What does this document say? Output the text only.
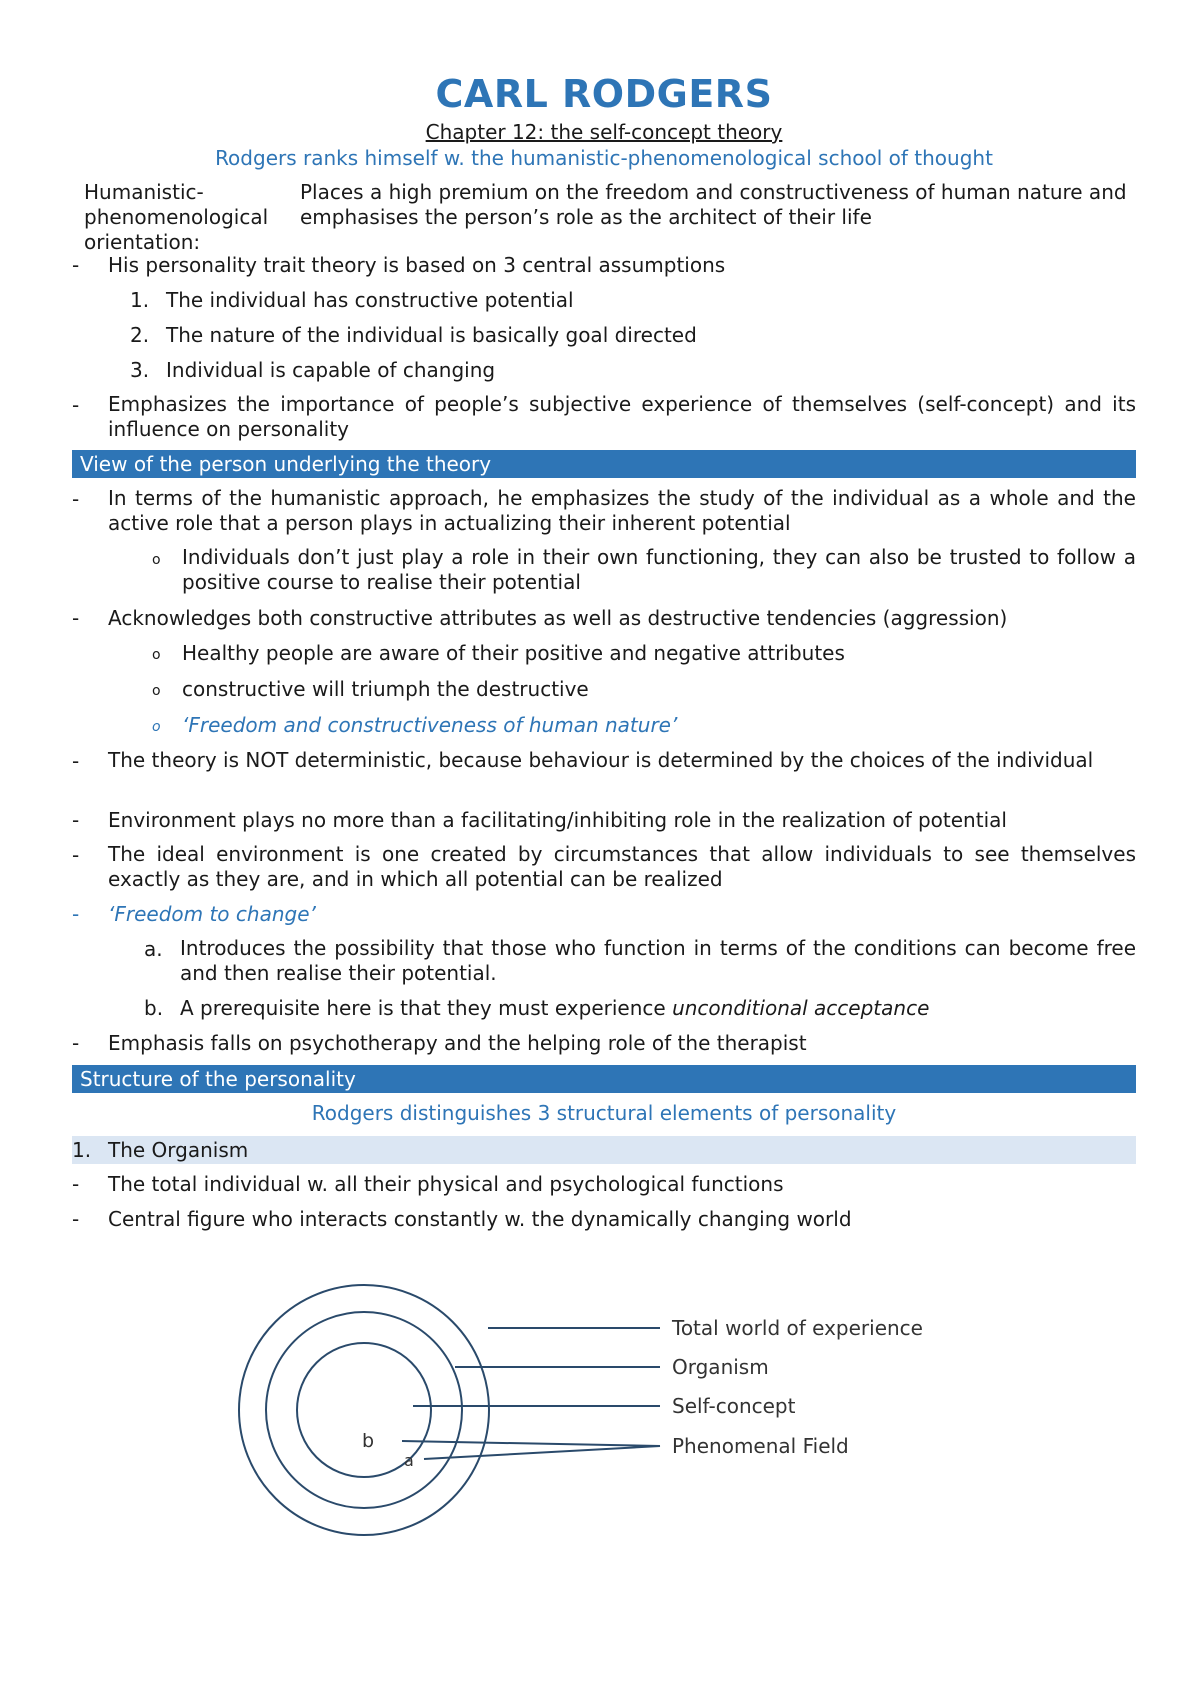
CARL RODGERS
Chapter 12: the self-concept theory
Rodgers ranks himself w. the humanistic-phenomenological school of thought
Humanistic-phenomenological orientation:
Places a high premium on the freedom and constructiveness of human nature and emphasises the person’s role as the architect of their life
- His personality trait theory is based on 3 central assumptions
1. The individual has constructive potential
2. The nature of the individual is basically goal directed
3. Individual is capable of changing
- Emphasizes the importance of people’s subjective experience of themselves (self-concept) and its influence on personality
View of the person underlying the theory
- In terms of the humanistic approach, he emphasizes the study of the individual as a whole and the active role that a person plays in actualizing their inherent potential
o Individuals don’t just play a role in their own functioning, they can also be trusted to follow a positive course to realise their potential
- Acknowledges both constructive attributes as well as destructive tendencies (aggression)
o Healthy people are aware of their positive and negative attributes
o constructive will triumph the destructive
o ‘Freedom and constructiveness of human nature’
- The theory is NOT deterministic, because behaviour is determined by the choices of the individual
- Environment plays no more than a facilitating/inhibiting role in the realization of potential
- The ideal environment is one created by circumstances that allow individuals to see themselves exactly as they are, and in which all potential can be realized
- ‘Freedom to change’
a. Introduces the possibility that those who function in terms of the conditions can become free and then realise their potential.
b. A prerequisite here is that they must experience unconditional acceptance
- Emphasis falls on psychotherapy and the helping role of the therapist
Structure of the personality
Rodgers distinguishes 3 structural elements of personality
1. The Organism
- The total individual w. all their physical and psychological functions
- Central figure who interacts constantly w. the dynamically changing world
Total world of experience
Organism
Self-concept
Phenomenal Field
b
a
